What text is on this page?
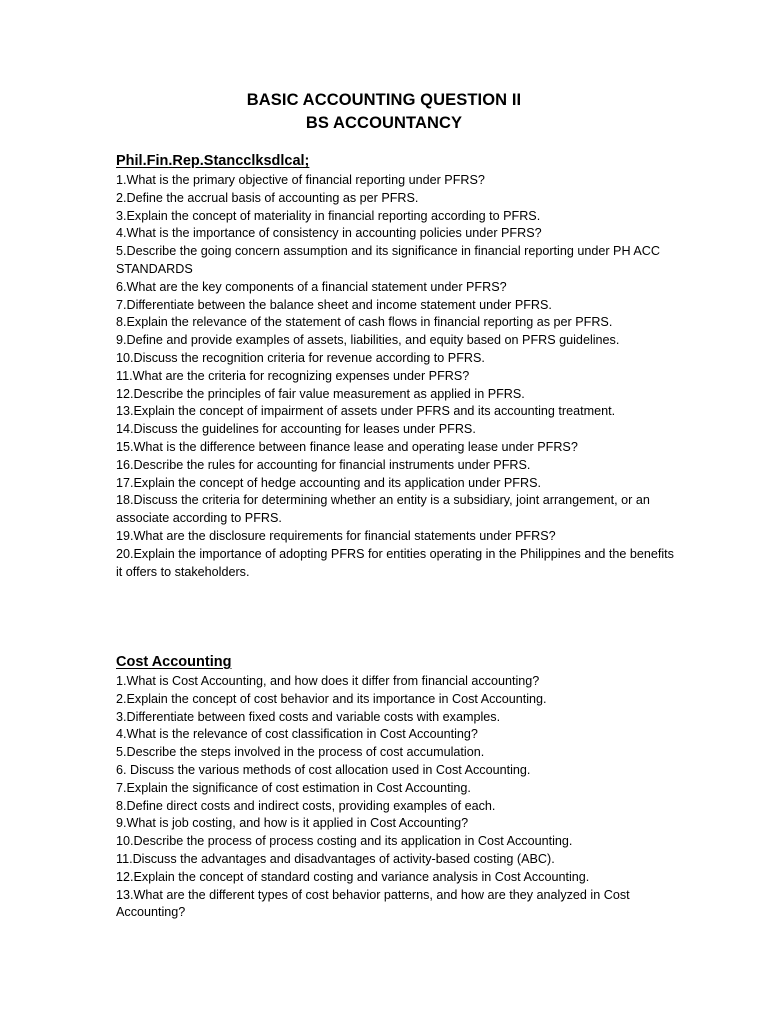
BASIC ACCOUNTING QUESTION II
BS ACCOUNTANCY
Phil.Fin.Rep.Stancclksdlcal;
1.What is the primary objective of financial reporting under PFRS?
2.Define the accrual basis of accounting as per PFRS.
3.Explain the concept of materiality in financial reporting according to PFRS.
4.What is the importance of consistency in accounting policies under PFRS?
5.Describe the going concern assumption and its significance in financial reporting under PH ACC STANDARDS
6.What are the key components of a financial statement under PFRS?
7.Differentiate between the balance sheet and income statement under PFRS.
8.Explain the relevance of the statement of cash flows in financial reporting as per PFRS.
9.Define and provide examples of assets, liabilities, and equity based on PFRS guidelines.
10.Discuss the recognition criteria for revenue according to PFRS.
11.What are the criteria for recognizing expenses under PFRS?
12.Describe the principles of fair value measurement as applied in PFRS.
13.Explain the concept of impairment of assets under PFRS and its accounting treatment.
14.Discuss the guidelines for accounting for leases under PFRS.
15.What is the difference between finance lease and operating lease under PFRS?
16.Describe the rules for accounting for financial instruments under PFRS.
17.Explain the concept of hedge accounting and its application under PFRS.
18.Discuss the criteria for determining whether an entity is a subsidiary, joint arrangement, or an associate according to PFRS.
19.What are the disclosure requirements for financial statements under PFRS?
20.Explain the importance of adopting PFRS for entities operating in the Philippines and the benefits it offers to stakeholders.
Cost Accounting
1.What is Cost Accounting, and how does it differ from financial accounting?
2.Explain the concept of cost behavior and its importance in Cost Accounting.
3.Differentiate between fixed costs and variable costs with examples.
4.What is the relevance of cost classification in Cost Accounting?
5.Describe the steps involved in the process of cost accumulation.
6. Discuss the various methods of cost allocation used in Cost Accounting.
7.Explain the significance of cost estimation in Cost Accounting.
8.Define direct costs and indirect costs, providing examples of each.
9.What is job costing, and how is it applied in Cost Accounting?
10.Describe the process of process costing and its application in Cost Accounting.
11.Discuss the advantages and disadvantages of activity-based costing (ABC).
12.Explain the concept of standard costing and variance analysis in Cost Accounting.
13.What are the different types of cost behavior patterns, and how are they analyzed in Cost Accounting?
